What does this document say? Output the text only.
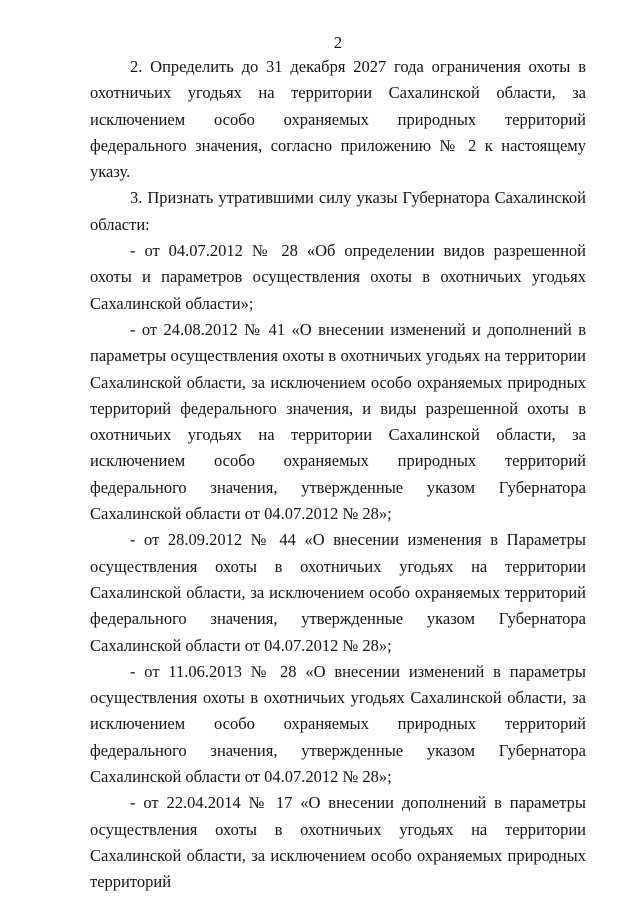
2

2. Определить до 31 декабря 2027 года ограничения охоты в охотничьих угодьях на территории Сахалинской области, за исключением особо охраняемых природных территорий федерального значения, согласно приложению № 2 к настоящему указу.

3. Признать утратившими силу указы Губернатора Сахалинской области:

- от 04.07.2012 № 28 «Об определении видов разрешенной охоты и параметров осуществления охоты в охотничьих угодьях Сахалинской области»;

- от 24.08.2012 № 41 «О внесении изменений и дополнений в параметры осуществления охоты в охотничьих угодьях на территории Сахалинской области, за исключением особо охраняемых природных территорий федерального значения, и виды разрешенной охоты в охотничьих угодьях на территории Сахалинской области, за исключением особо охраняемых природных территорий федерального значения, утвержденные указом Губернатора Сахалинской области от 04.07.2012 № 28»;

- от 28.09.2012 № 44 «О внесении изменения в Параметры осуществления охоты в охотничьих угодьях на территории Сахалинской области, за исключением особо охраняемых территорий федерального значения, утвержденные указом Губернатора Сахалинской области от 04.07.2012 № 28»;

- от 11.06.2013 № 28 «О внесении изменений в параметры осуществления охоты в охотничьих угодьях Сахалинской области, за исключением особо охраняемых природных территорий федерального значения, утвержденные указом Губернатора Сахалинской области от 04.07.2012 № 28»;

- от 22.04.2014 № 17 «О внесении дополнений в параметры осуществления охоты в охотничьих угодьях на территории Сахалинской области, за исключением особо охраняемых природных территорий
